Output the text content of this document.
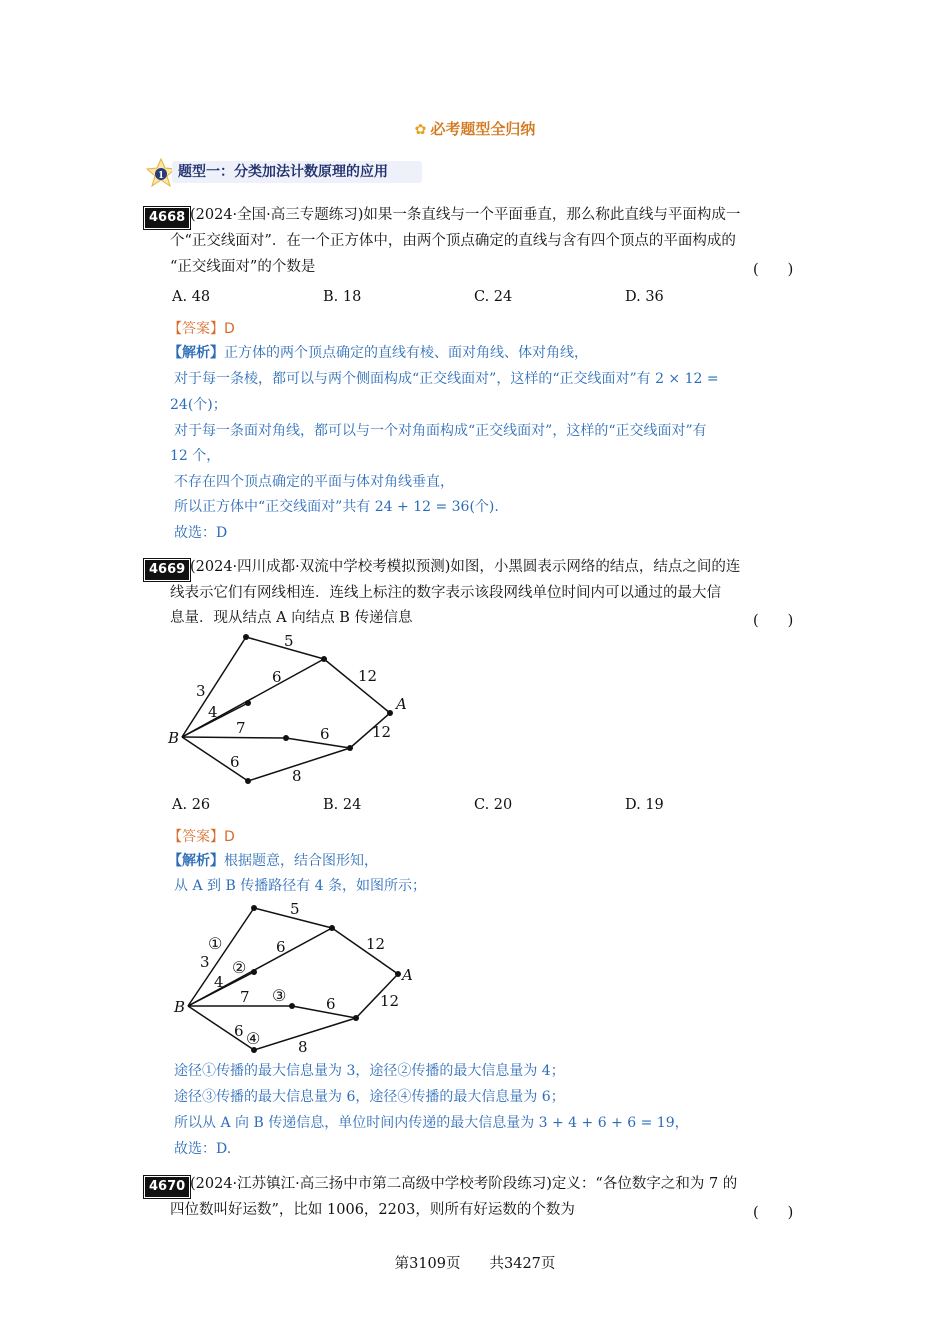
✿ 必考题型全归纳
1 题型一：分类加法计数原理的应用
4668 (2024·全国·高三专题练习)如果一条直线与一个平面垂直，那么称此直线与平面构成一
个“正交线面对”．在一个正方体中，由两个顶点确定的直线与含有四个顶点的平面构成的
“正交线面对”的个数是	(　　)
A. 48	B. 18	C. 24	D. 36
【答案】D
【解析】正方体的两个顶点确定的直线有棱、面对角线、体对角线，
对于每一条棱，都可以与两个侧面构成“正交线面对”，这样的“正交线面对”有 2 × 12 =
24(个)；
对于每一条面对角线，都可以与一个对角面构成“正交线面对”，这样的“正交线面对”有
12 个，
不存在四个顶点确定的平面与体对角线垂直，
所以正方体中“正交线面对”共有 24 + 12 = 36(个).
故选：D
4669 (2024·四川成都·双流中学校考模拟预测)如图，小黑圆表示网络的结点，结点之间的连
线表示它们有网线相连．连线上标注的数字表示该段网线单位时间内可以通过的最大信
息量．现从结点 A 向结点 B 传递信息	(　　)
A
B
5
3
6	12
4
7	6	12
6
8
A. 26	B. 24	C. 20	D. 19
【答案】D
【解析】根据题意，结合图形知，
从 A 到 B 传播路径有 4 条，如图所示；
A
B
5
3
6	12
4
7	6	12
6
8
①
②
③
④
途径①传播的最大信息量为 3，途径②传播的最大信息量为 4；
途径③传播的最大信息量为 6，途径④传播的最大信息量为 6；
所以从 A 向 B 传递信息，单位时间内传递的最大信息量为 3 + 4 + 6 + 6 = 19，
故选：D.
4670 (2024·江苏镇江·高三扬中市第二高级中学校考阶段练习)定义：“各位数字之和为 7 的
四位数叫好运数”，比如 1006，2203，则所有好运数的个数为	(　　)
第3109页　　共3427页
